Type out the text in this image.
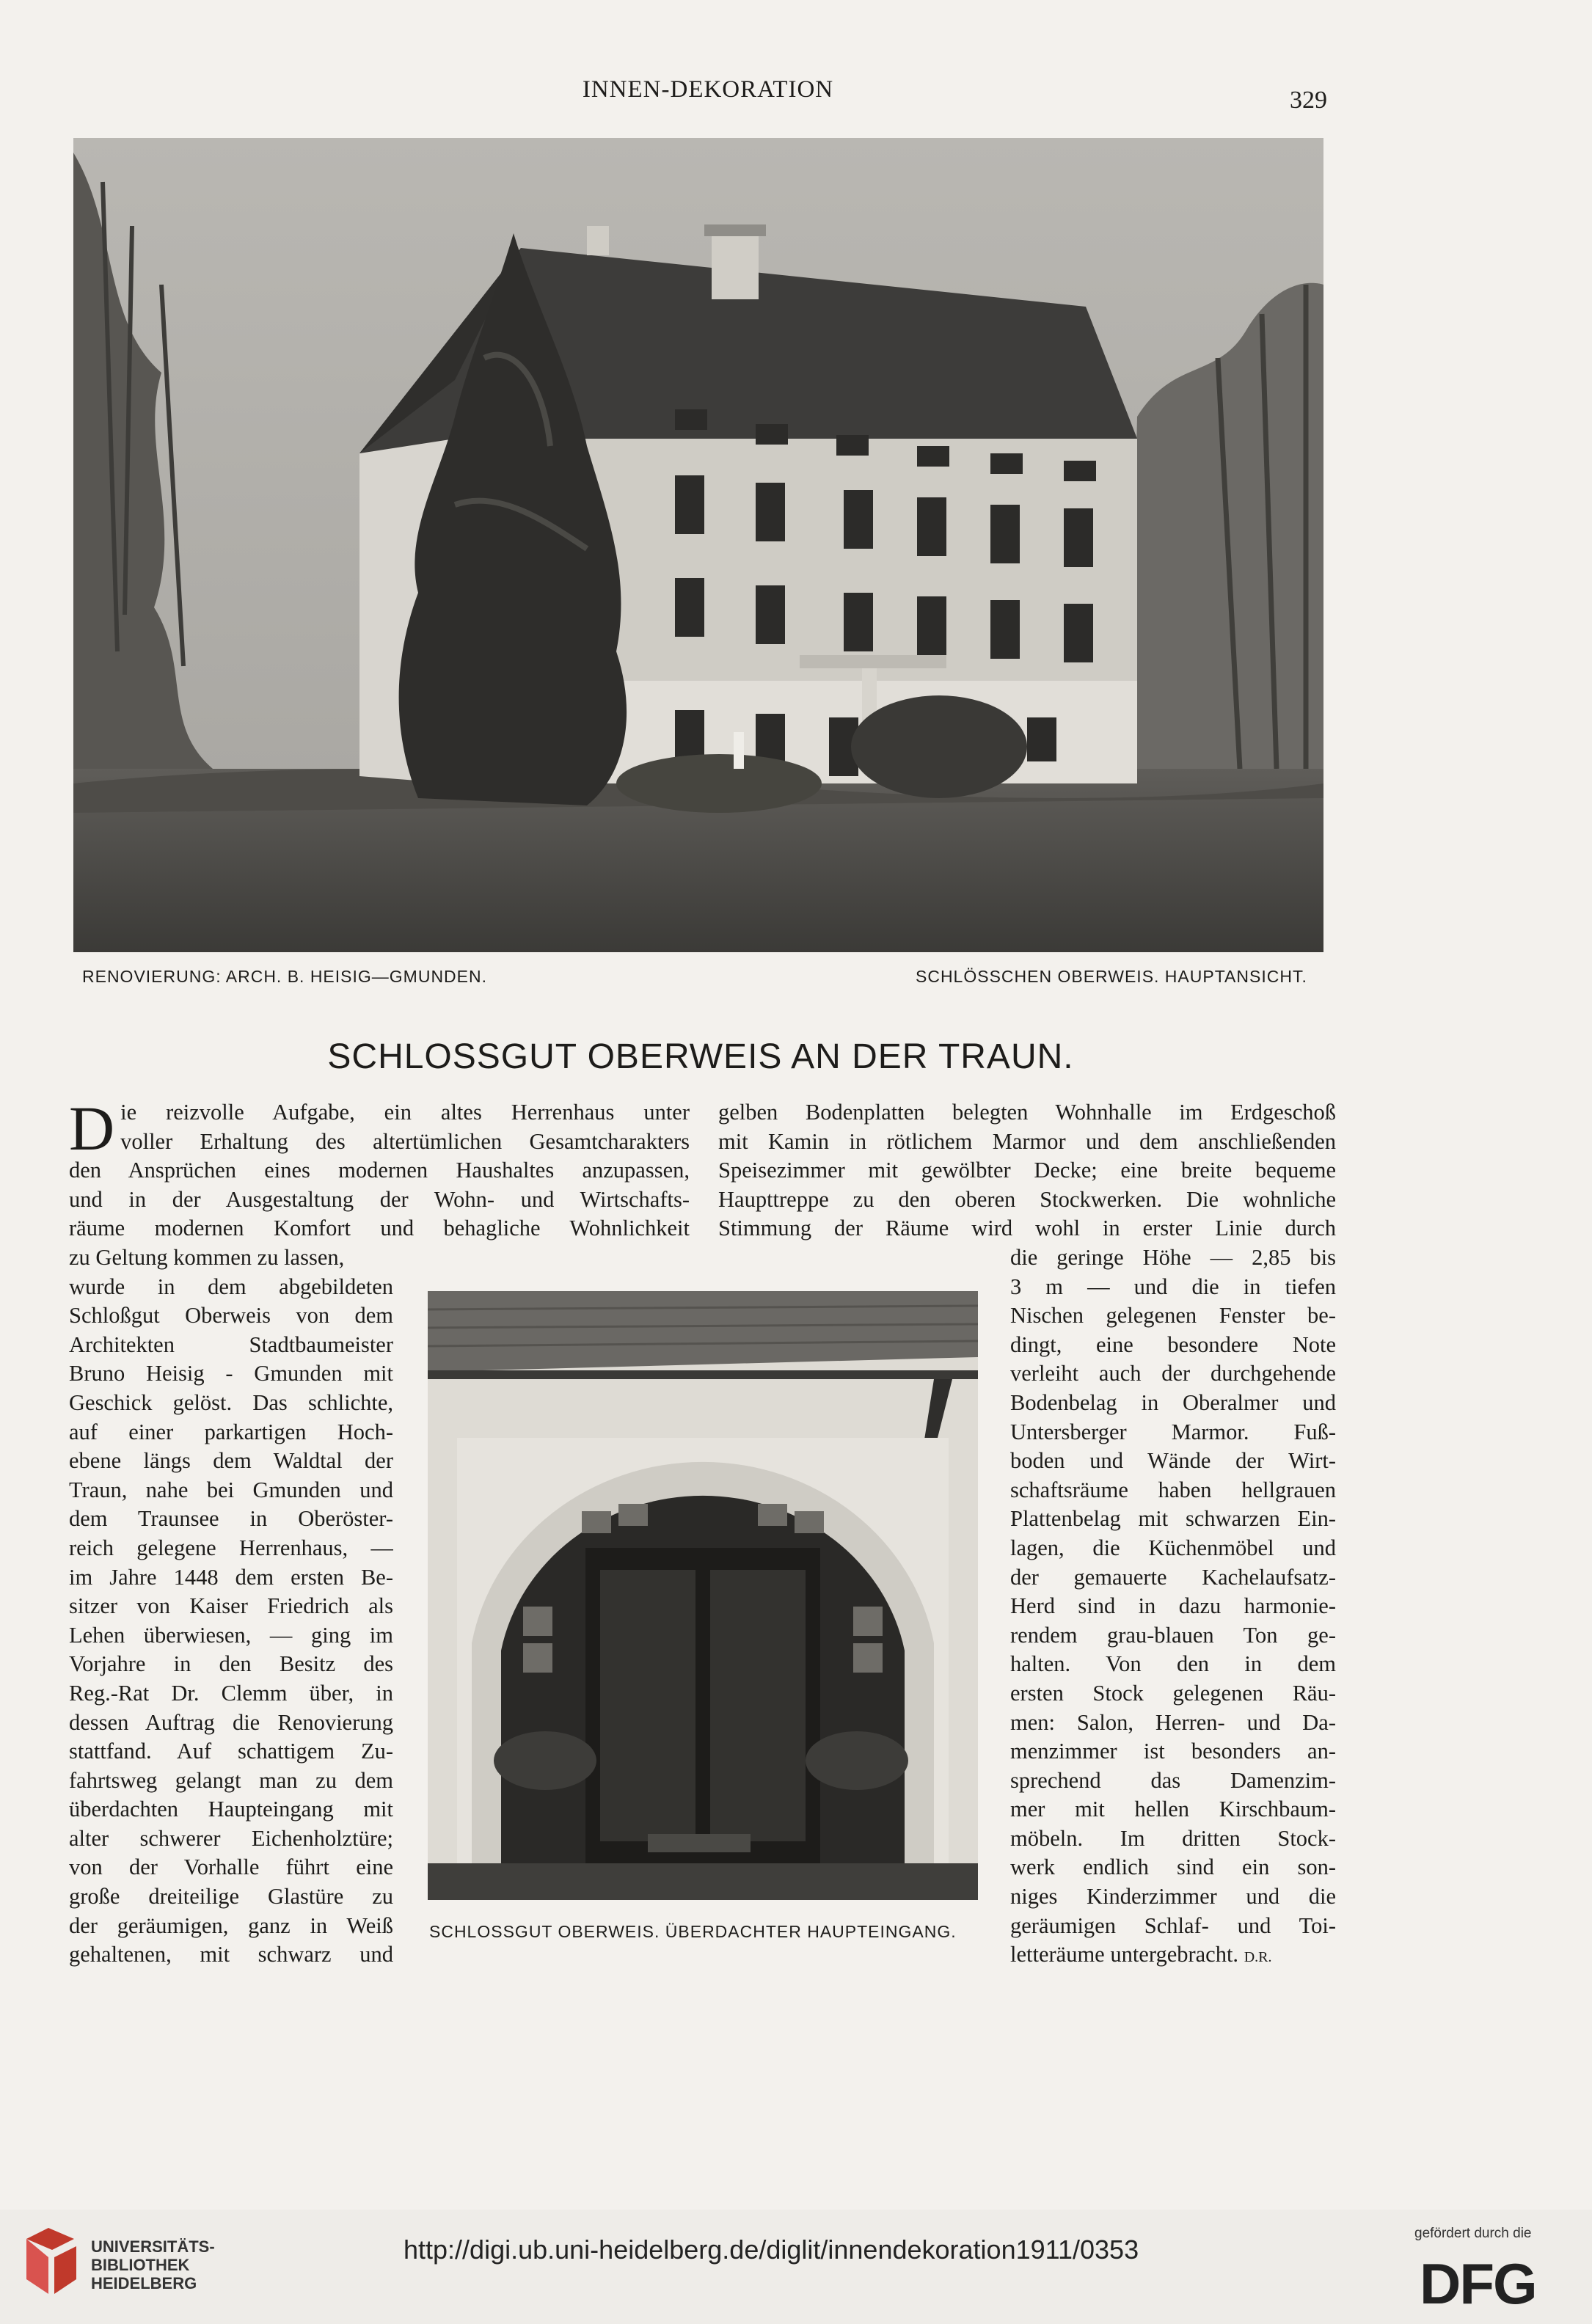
INNEN-DEKORATION	329
RENOVIERUNG: ARCH. B. HEISIG—GMUNDEN.	SCHLÖSSCHEN OBERWEIS. HAUPTANSICHT.
SCHLOSSGUT OBERWEIS AN DER TRAUN.
D ie reizvolle Aufgabe, ein altes Herrenhaus unter
voller Erhaltung des altertümlichen Gesamtcharakters
den Ansprüchen eines modernen Haushaltes anzupassen,
und in der Ausgestaltung der Wohn- und Wirtschafts-
räume modernen Komfort und behagliche Wohnlichkeit
zu Geltung kommen zu lassen,
wurde in dem abgebildeten
Schloßgut Oberweis von dem
Architekten Stadtbaumeister
Bruno Heisig - Gmunden mit
Geschick gelöst. Das schlichte,
auf einer parkartigen Hoch-
ebene längs dem Waldtal der
Traun, nahe bei Gmunden und
dem Traunsee in Oberöster-
reich gelegene Herrenhaus, —
im Jahre 1448 dem ersten Be-
sitzer von Kaiser Friedrich als
Lehen überwiesen, — ging im
Vorjahre in den Besitz des
Reg.-Rat Dr. Clemm über, in
dessen Auftrag die Renovierung
stattfand. Auf schattigem Zu-
fahrtsweg gelangt man zu dem
überdachten Haupteingang mit
alter schwerer Eichenholztüre;
von der Vorhalle führt eine
große dreiteilige Glastüre zu
der geräumigen, ganz in Weiß
gehaltenen, mit schwarz und
gelben Bodenplatten belegten Wohnhalle im Erdgeschoß
mit Kamin in rötlichem Marmor und dem anschließenden
Speisezimmer mit gewölbter Decke; eine breite bequeme
Haupttreppe zu den oberen Stockwerken. Die wohnliche
Stimmung der Räume wird wohl in erster Linie durch
die geringe Höhe — 2,85 bis
3 m — und die in tiefen
Nischen gelegenen Fenster be-
dingt, eine besondere Note
verleiht auch der durchgehende
Bodenbelag in Oberalmer und
Untersberger Marmor. Fuß-
boden und Wände der Wirt-
schaftsräume haben hellgrauen
Plattenbelag mit schwarzen Ein-
lagen, die Küchenmöbel und
der gemauerte Kachelaufsatz-
Herd sind in dazu harmonie-
rendem grau-blauen Ton ge-
halten. Von den in dem
ersten Stock gelegenen Räu-
men: Salon, Herren- und Da-
menzimmer ist besonders an-
sprechend das Damenzim-
mer mit hellen Kirschbaum-
möbeln. Im dritten Stock-
werk endlich sind ein son-
niges Kinderzimmer und die
geräumigen Schlaf- und Toi-
letteräume untergebracht. D.R.
SCHLOSSGUT OBERWEIS. ÜBERDACHTER HAUPTEINGANG.
UNIVERSITÄTS-
BIBLIOTHEK
HEIDELBERG
http://digi.ub.uni-heidelberg.de/diglit/innendekoration1911/0353
gefördert durch die
DFG
